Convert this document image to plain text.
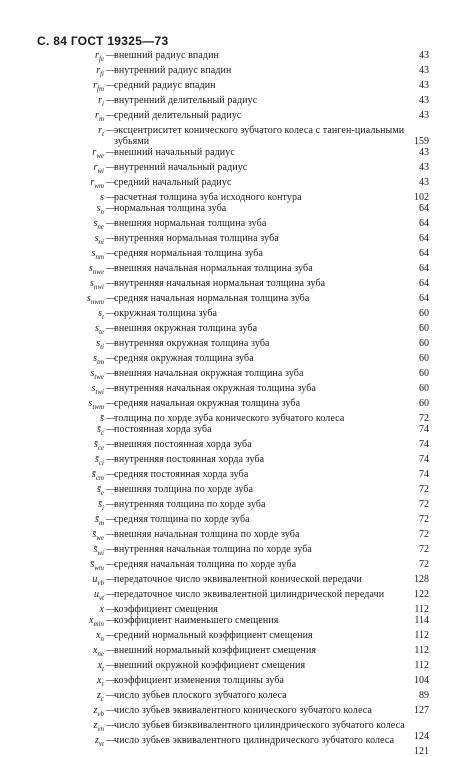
С. 84 ГОСТ 19325—73
$r_{fe}$ —
внешний радиус впадин	43
$r_{fi}$ —
внутренний радиус впадин	43
$r_{fm}$ —
средний радиус впадин	43
$r_i$ —
внутренний делительный радиус	43
$r_m$ —
средний делительный радиус	43
$r_t$ —
эксцентриситет конического зубчатого колеса с танген-циальными зубьями	159
$r_{we}$ —
внешний начальный радиус	43
$r_{wi}$ —
внутренний начальный радиус	43
$r_{wm}$ —
средний начальный радиус	43
s —
расчетная толщина зуба исходного контура	102
$s_n$ —
нормальная толщина зуба	64
$s_{ne}$ —
внешняя нормальная толщина зуба	64
$s_{ni}$ —
внутренняя нормальная толщина зуба	64
$s_{nm}$ —
средняя нормальная толщина зуба	64
$s_{nwe}$ —
внешняя начальная нормальная толщина зуба	64
$s_{nwi}$ —
внутренняя начальная нормальная толщина зуба	64
$s_{nwm}$ —
средняя начальная нормальная толщина зуба	64
$s_t$ —
окружная толщина зуба	60
$s_{te}$ —
внешняя окружная толщина зуба	60
$s_{ti}$ —
внутренняя окружная толщина зуба	60
$s_{tm}$ —
средняя окружная толщина зуба	60
$s_{twe}$ —
внешняя начальная окружная толщина зуба	60
$s_{twi}$ —
внутренняя начальная окружная толщина зуба	60
$s_{twm}$ —
средняя начальная окружная толщина зуба	60
s̄ —
толщина по хорде зуба конического зубчатого колеса	72
$s̄_c$ —
постоянная хорда зуба	74
$s̄_{ce}$ —
внешняя постоянная хорда зуба	74
$s̄_{ci}$ —
внутренняя постоянная хорда зуба	74
$s̄_{cm}$ —
средняя постоянная хорда зуба	74
$s̄_e$ —
внешняя толщина по хорде зуба	72
$s̄_i$ —
внутренняя толщина по хорде зуба	72
$s̄_m$ —
средняя толщина по хорде зуба	72
$s̄_{we}$ —
внешняя начальная толщина по хорде зуба	72
$s̄_{wi}$ —
внутренняя начальная толщина по хорде зуба	72
$s̄_{wm}$ —
средняя начальная толщина по хорде зуба	72
$u_{vb}$ —
передаточное число эквивалентной конической передачи	128
$u_{vt}$ —
передаточное число эквивалентной цилиндрической передачи	122
x —
коэффициент смещения	112
$x_{min}$ —
коэффициент наименьшего смещения	114
$x_n$ —
средний нормальный коэффициент смещения	112
$x_{ne}$ —
внешний нормальный коэффициент смещения	112
$x_t$ —
внешний окружной коэффициент смещения	112
$x_\tau$ —
коэффициент изменения толщины зуба	104
$z_c$ —
число зубьев плоского зубчатого колеса	89
$z_{vb}$ —
число зубьев эквивалентного конического зубчатого колеса	127
$z_{vn}$ —
число зубьев биэквивалентного цилиндрического зубчатого колеса
124
$z_{vt}$ —
число зубьев эквивалентного цилиндрического зубчатого колеса
121
